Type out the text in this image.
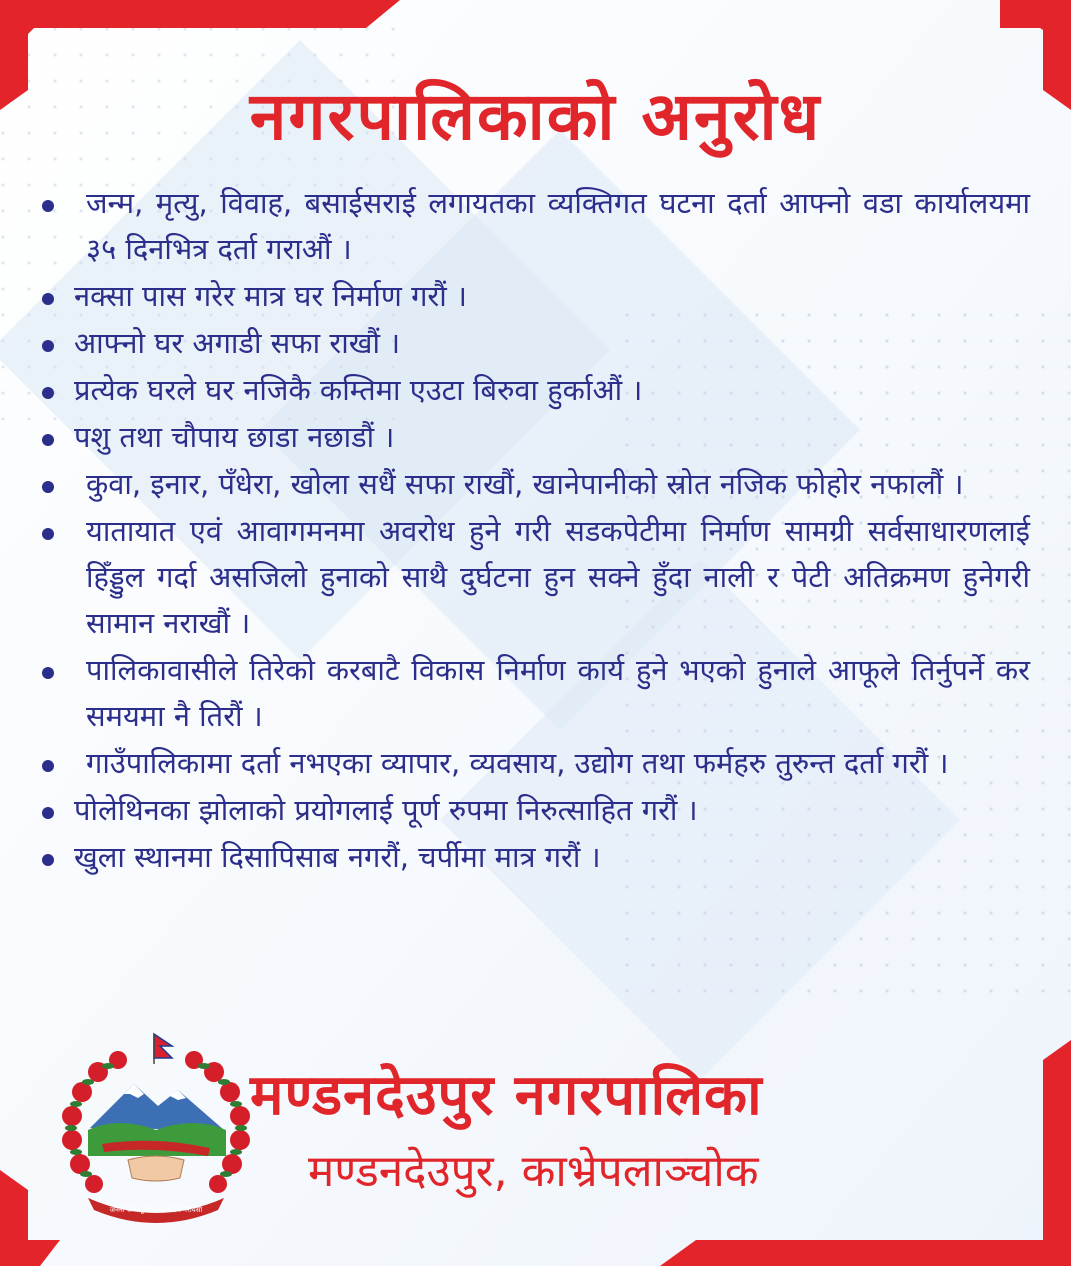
नगरपालिकाको अनुरोध
जन्म, मृत्यु, विवाह, बसाईसराई लगायतका व्यक्तिगत घटना दर्ता आफ्नो वडा कार्यालयमा ३५ दिनभित्र दर्ता गराऔं ।
नक्सा पास गरेर मात्र घर निर्माण गरौं ।
आफ्नो घर अगाडी सफा राखौं ।
प्रत्येक घरले घर नजिकै कम्तिमा एउटा बिरुवा हुर्काऔं ।
पशु तथा चौपाय छाडा नछाडौं ।
कुवा, इनार, पँधेरा, खोला सधैं सफा राखौं, खानेपानीको स्रोत नजिक फोहोर नफालौं ।
यातायात एवं आवागमनमा अवरोध हुने गरी सडकपेटीमा निर्माण सामग्री सर्वसाधारणलाई हिँड्डुल गर्दा असजिलो हुनाको साथै दुर्घटना हुन सक्ने हुँदा नाली र पेटी अतिक्रमण हुनेगरी सामान नराखौं ।
पालिकावासीले तिरेको करबाटै विकास निर्माण कार्य हुने भएको हुनाले आफूले तिर्नुपर्ने कर समयमा नै तिरौं ।
गाउँपालिकामा दर्ता नभएका व्यापार, व्यवसाय, उद्योग तथा फर्महरु तुरुन्त दर्ता गरौं ।
पोलेथिनका झोलाको प्रयोगलाई पूर्ण रुपमा निरुत्साहित गरौं ।
खुला स्थानमा दिसापिसाब नगरौं, चर्पीमा मात्र गरौं ।
जननी जन्मभूमिश्च स्वर्गादपि गरीयसी
मण्डनदेउपुर नगरपालिका
मण्डनदेउपुर, काभ्रेपलाञ्चोक
